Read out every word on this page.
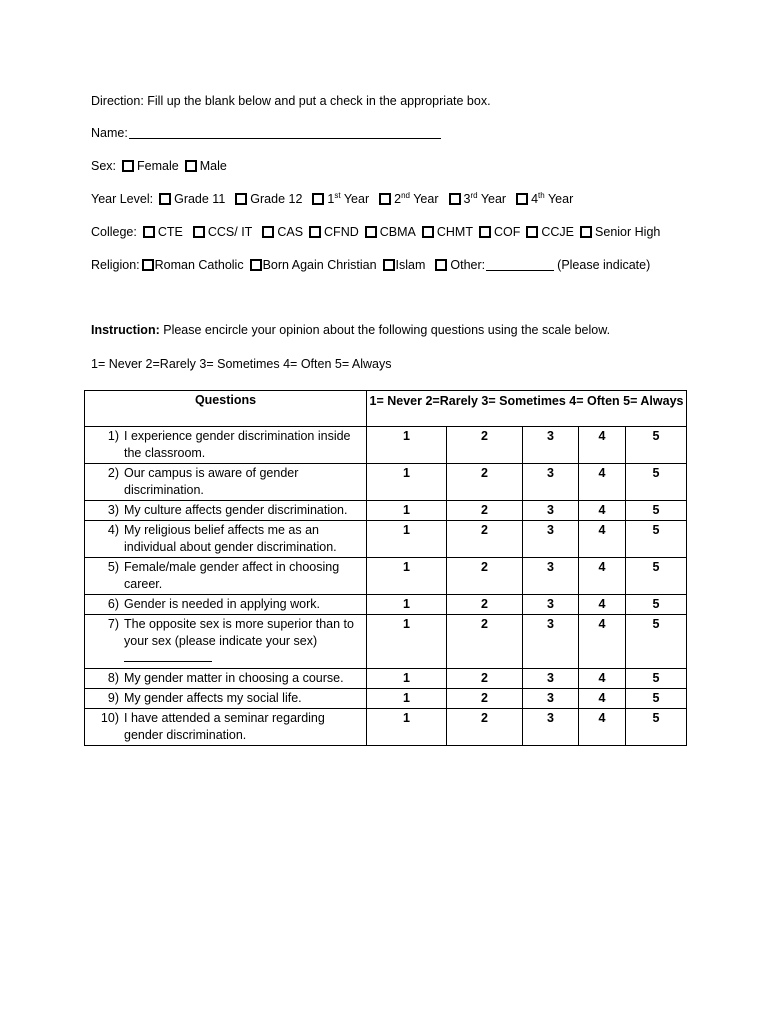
Direction: Fill up the blank below and put a check in the appropriate box.
Name:
Sex: Female Male
Year Level: Grade 11 Grade 12 1st Year 2nd Year 3rd Year 4th Year
College: CTE CCS/ IT CAS CFND CBMA CHMT COF CCJE Senior High
Religion: Roman Catholic Born Again Christian Islam Other:	(Please indicate)
Instruction:
Please encircle your opinion about the following questions using the scale below.
1= Never 2=Rarely 3= Sometimes 4= Often 5= Always
Questions	1= Never 2=Rarely 3= Sometimes 4= Often 5= Always				

1) I experience gender discrimination inside the classroom.	1	2	3	4	5

2) Our campus is aware of gender discrimination.	1	2	3	4	5

3) My culture affects gender discrimination.	1	2	3	4	5

4) My religious belief affects me as an individual about gender discrimination.	1	2	3	4	5

5) Female/male gender affect in choosing career.	1	2	3	4	5

6) Gender is needed in applying work.	1	2	3	4	5

7) The opposite sex is more superior than to your sex (please indicate your sex)	1	2	3	4	5

8) My gender matter in choosing a course.	1	2	3	4	5

9) My gender affects my social life.	1	2	3	4	5

10) I have attended a seminar regarding gender discrimination.	1	2	3	4	5
